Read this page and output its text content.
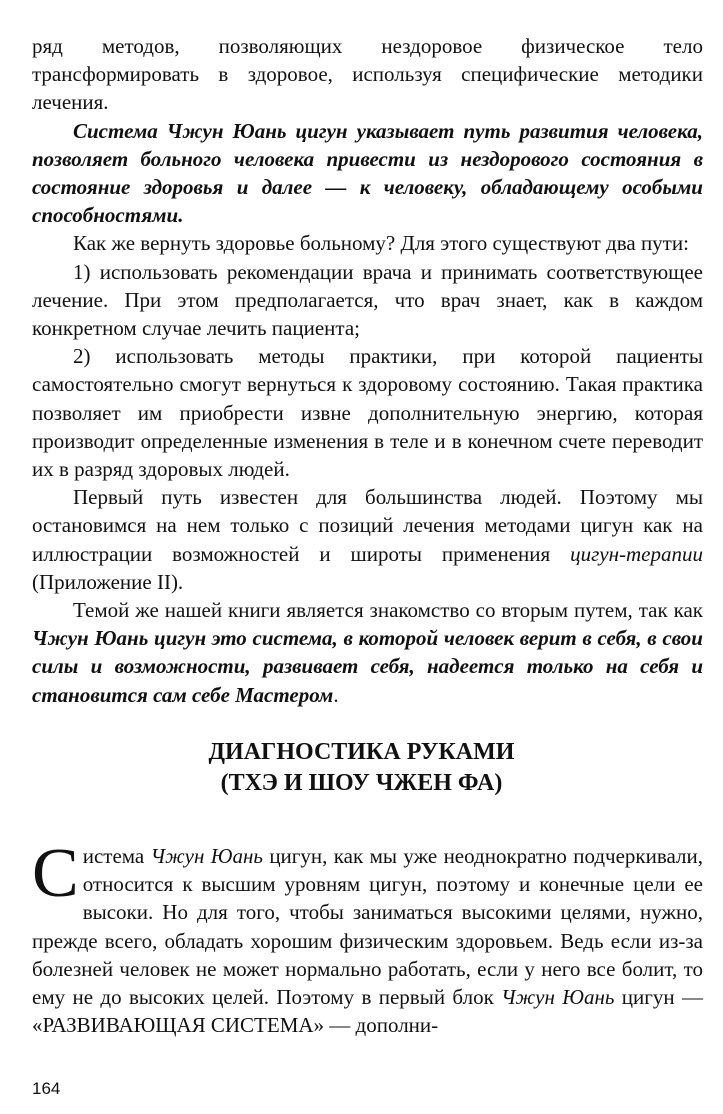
ряд методов, позволяющих нездоровое физическое тело трансформировать в здоровое, используя специфические методики лечения.

Система Чжун Юань цигун указывает путь развития человека, позволяет больного человека привести из нездорового состояния в состояние здоровья и далее — к человеку, обладающему особыми способностями.

Как же вернуть здоровье больному? Для этого существуют два пути:

1) использовать рекомендации врача и принимать соответствующее лечение. При этом предполагается, что врач знает, как в каждом конкретном случае лечить пациента;

2) использовать методы практики, при которой пациенты самостоятельно смогут вернуться к здоровому состоянию. Такая практика позволяет им приобрести извне дополнительную энергию, которая производит определенные изменения в теле и в конечном счете переводит их в разряд здоровых людей.

Первый путь известен для большинства людей. Поэтому мы остановимся на нем только с позиций лечения методами цигун как на иллюстрации возможностей и широты применения цигун-терапии (Приложение II).

Темой же нашей книги является знакомство со вторым путем, так как Чжун Юань цигун это система, в которой человек верит в себя, в свои силы и возможности, развивает себя, надеется только на себя и становится сам себе Мастером.

ДИАГНОСТИКА РУКАМИ
(ТХЭ И ШОУ ЧЖЕН ФА)

Система Чжун Юань цигун, как мы уже неоднократно подчеркивали, относится к высшим уровням цигун, поэтому и конечные цели ее высоки. Но для того, чтобы заниматься высокими целями, нужно, прежде всего, обладать хорошим физическим здоровьем. Ведь если из-за болезней человек не может нормально работать, если у него все болит, то ему не до высоких целей. Поэтому в первый блок Чжун Юань цигун — «РАЗВИВАЮЩАЯ СИСТЕМА» — дополни-

164
